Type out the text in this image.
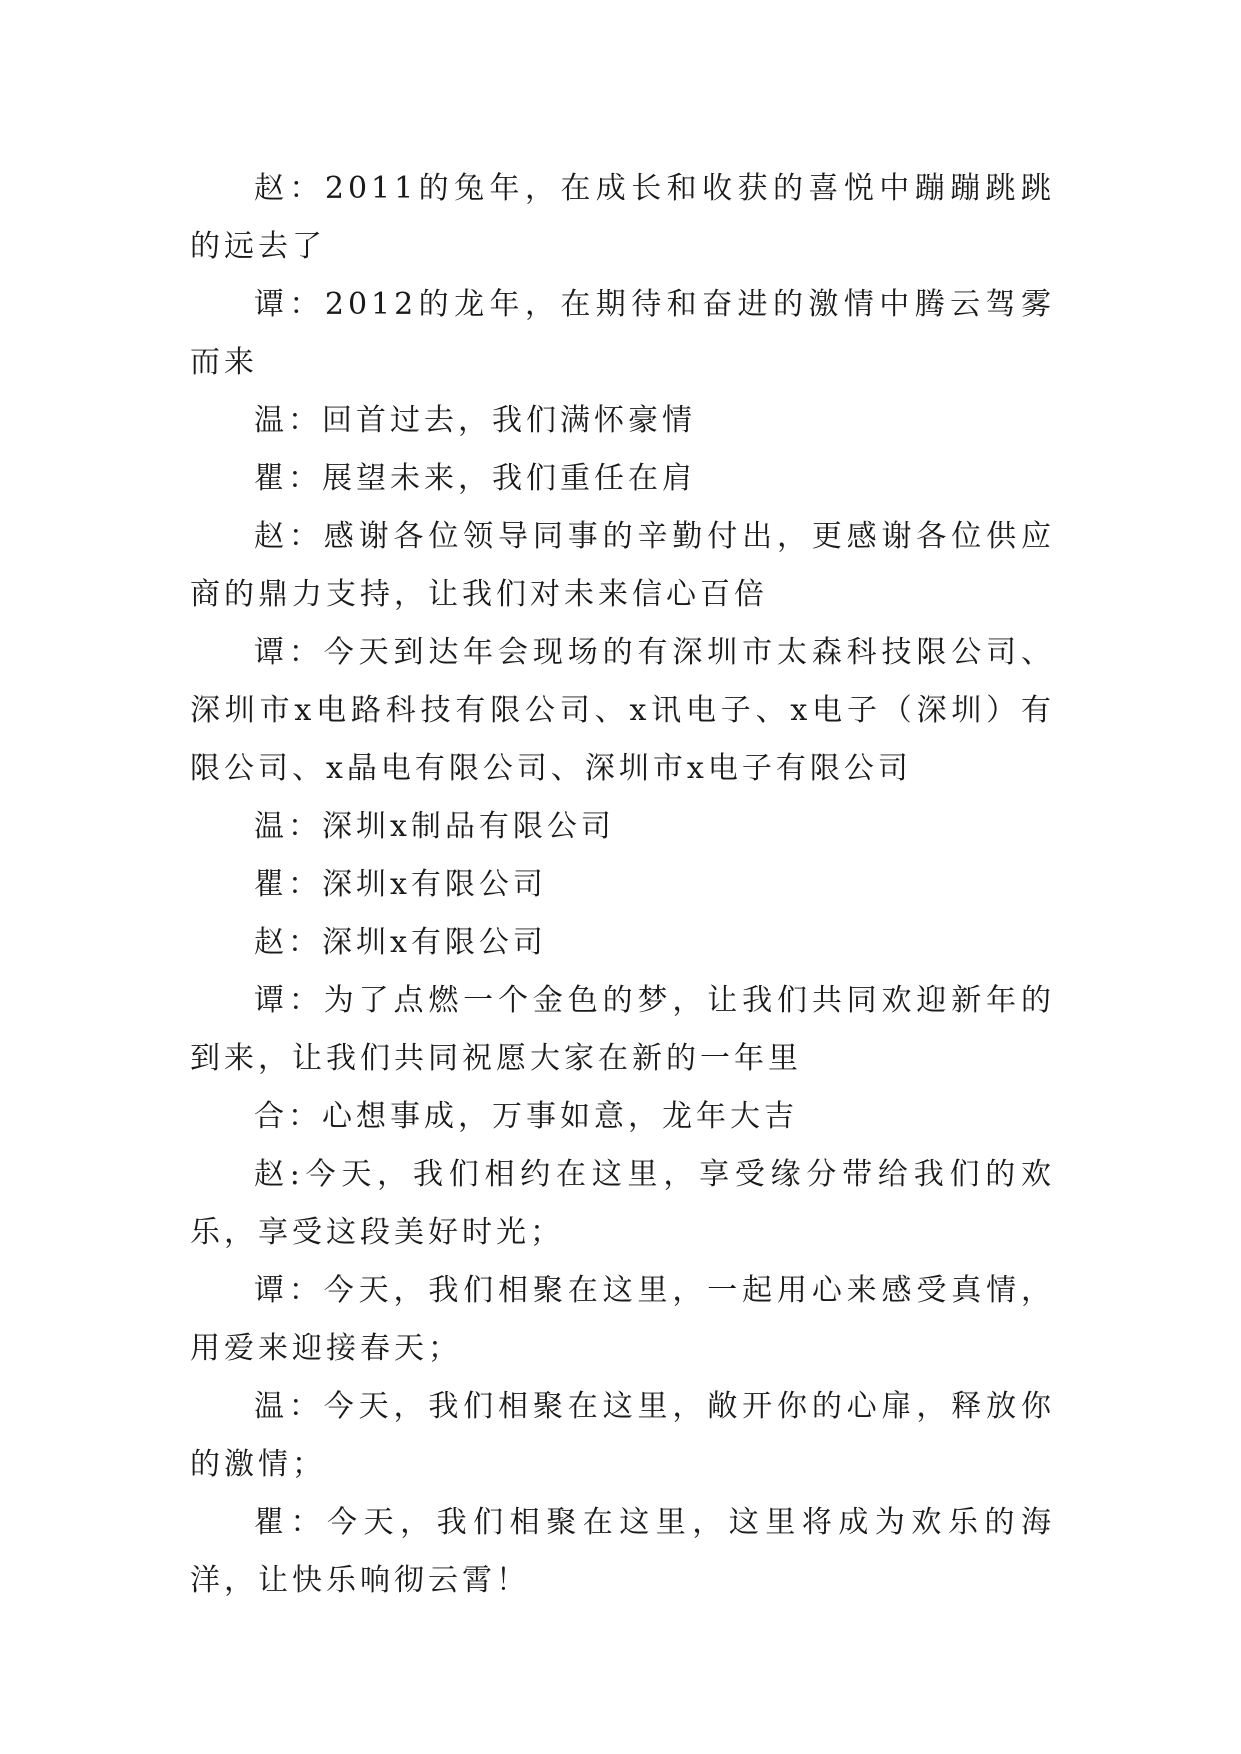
赵：2011的兔年，在成长和收获的喜悦中蹦蹦跳跳的远去了

谭：2012的龙年，在期待和奋进的激情中腾云驾雾而来

温：回首过去，我们满怀豪情

瞿：展望未来，我们重任在肩

赵：感谢各位领导同事的辛勤付出，更感谢各位供应商的鼎力支持，让我们对未来信心百倍

谭：今天到达年会现场的有深圳市太森科技限公司、深圳市x电路科技有限公司、x讯电子、x电子（深圳）有限公司、x晶电有限公司、深圳市x电子有限公司

温：深圳x制品有限公司

瞿：深圳x有限公司

赵：深圳x有限公司

谭：为了点燃一个金色的梦，让我们共同欢迎新年的到来，让我们共同祝愿大家在新的一年里

合：心想事成，万事如意，龙年大吉

赵:今天，我们相约在这里，享受缘分带给我们的欢乐，享受这段美好时光；

谭：今天，我们相聚在这里，一起用心来感受真情，用爱来迎接春天；

温：今天，我们相聚在这里，敞开你的心扉，释放你的激情；

瞿：今天，我们相聚在这里，这里将成为欢乐的海洋，让快乐响彻云霄！
